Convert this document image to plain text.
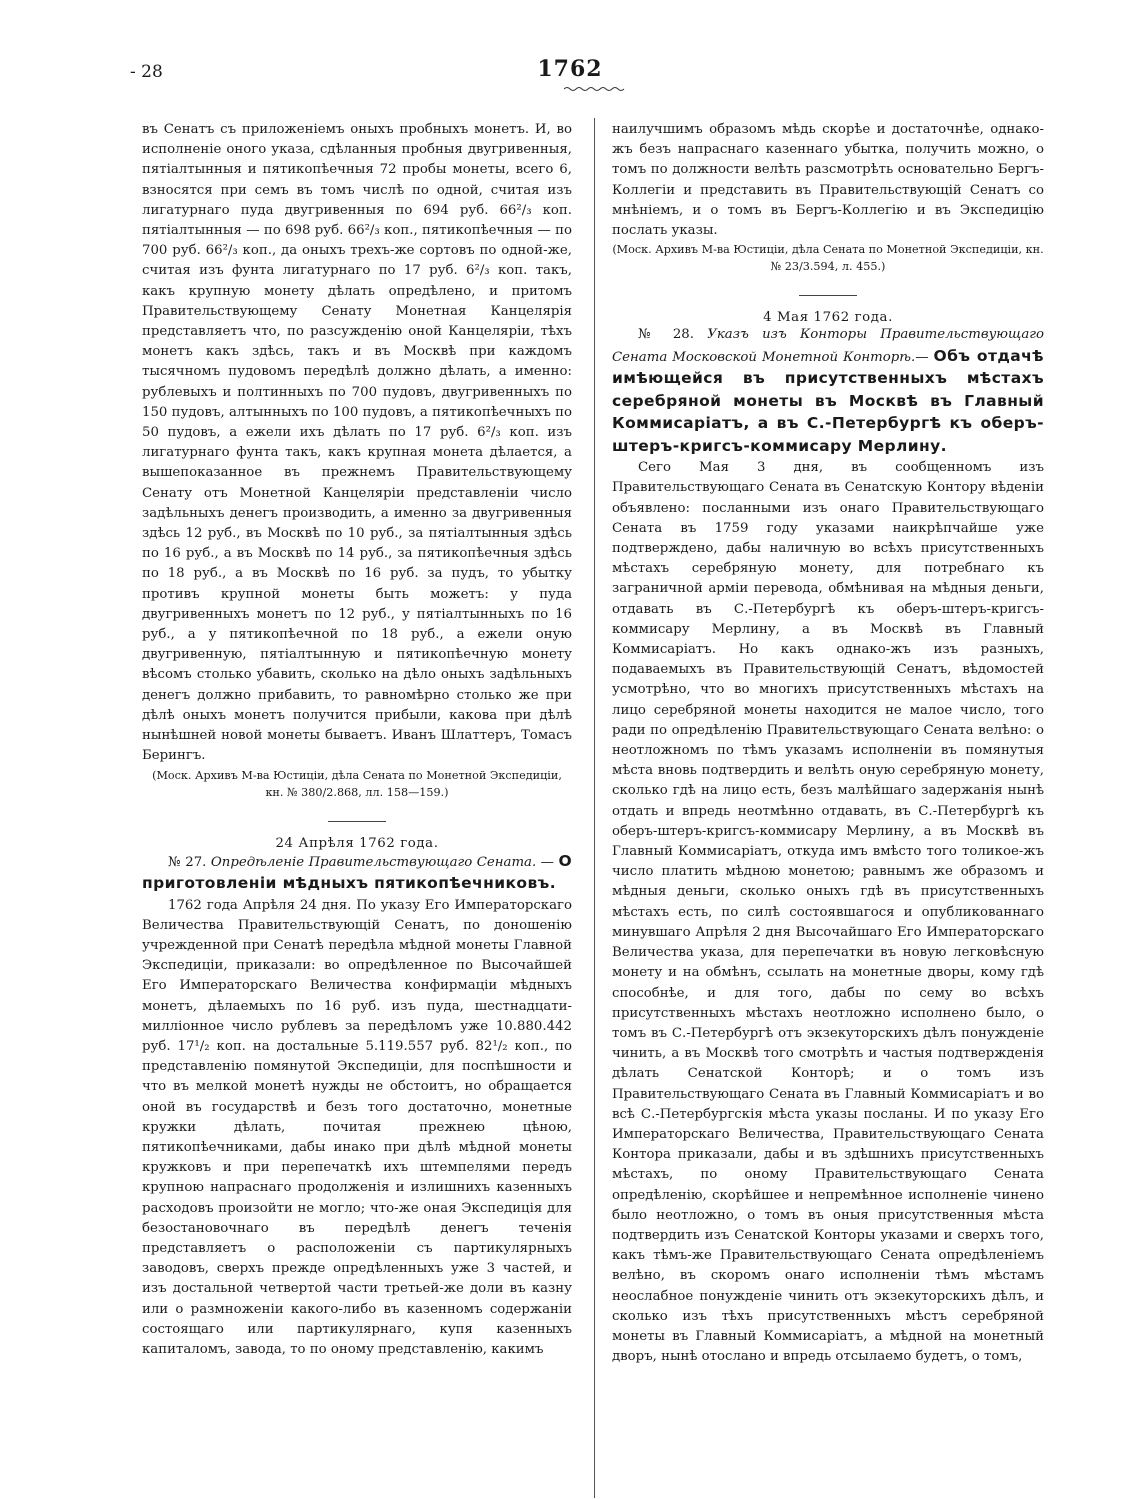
- 28	1762

въ Сенатъ съ приложеніемъ оныхъ пробныхъ монетъ. И, во исполненіе оного указа, сдѣланныя пробныя двугривенныя, пятіалтынныя и пятикопѣечныя 72 пробы монеты, всего 6, взносятся при семъ въ томъ числѣ по одной, считая изъ лигатурнаго пуда двугривенныя по 694 руб. 66²/₃ коп. пятіалтынныя — по 698 руб. 66²/₃ коп., пятикопѣечныя — по 700 руб. 66²/₃ коп., да оныхъ трехъ-же сортовъ по одной-же, считая изъ фунта лигатурнаго по 17 руб. 6²/₃ коп. такъ, какъ крупную монету дѣлать опредѣлено, и притомъ Правительствующему Сенату Монетная Канцелярія представляетъ что, по разсужденію оной Канцеляріи, тѣхъ монетъ какъ здѣсь, такъ и въ Москвѣ при каждомъ тысячномъ пудовомъ передѣлѣ должно дѣлать, а именно: рублевыхъ и полтинныхъ по 700 пудовъ, двугривенныхъ по 150 пудовъ, алтынныхъ по 100 пудовъ, а пятикопѣечныхъ по 50 пудовъ, а ежели ихъ дѣлать по 17 руб. 6²/₃ коп. изъ лигатурнаго фунта такъ, какъ крупная монета дѣлается, а вышепоказанное въ прежнемъ Правительствующему Сенату отъ Монетной Канцеляріи представленіи число задѣльныхъ денегъ производить, а именно за двугривенныя здѣсь 12 руб., въ Москвѣ по 10 руб., за пятіалтынныя здѣсь по 16 руб., а въ Москвѣ по 14 руб., за пятикопѣечныя здѣсь по 18 руб., а въ Москвѣ по 16 руб. за пудъ, то убытку противъ крупной монеты быть можетъ: у пуда двугривенныхъ монетъ по 12 руб., у пятіалтынныхъ по 16 руб., а у пятикопѣечной по 18 руб., а ежели оную двугривенную, пятіалтынную и пятикопѣечную монету вѣсомъ столько убавить, сколько на дѣло оныхъ задѣльныхъ денегъ должно прибавить, то равномѣрно столько же при дѣлѣ оныхъ монетъ получится прибыли, какова при дѣлѣ нынѣшней новой монеты бываетъ. Иванъ Шлаттеръ, Томасъ Берингъ.

(Моск. Архивъ М-ва Юстиціи, дѣла Сената по Монетной Экспедиціи, кн. № 380/2.868, лл. 158—159.)

24 Апрѣля 1762 года.

№ 27. Опредѣленіе Правительствующаго Сената. — О приготовленіи мѣдныхъ пятикопѣечниковъ.

1762 года Апрѣля 24 дня. По указу Его Императорскаго Величества Правительствующій Сенатъ, по доношенію учрежденной при Сенатѣ передѣла мѣдной монеты Главной Экспедиціи, приказали: во опредѣленное по Высочайшей Его Императорскаго Величества конфирмаціи мѣдныхъ монетъ, дѣлаемыхъ по 16 руб. изъ пуда, шестнадцати-милліонное число рублевъ за передѣломъ уже 10.880.442 руб. 17¹/₂ коп. на достальные 5.119.557 руб. 82¹/₂ коп., по представленію помянутой Экспедиціи, для поспѣшности и что въ мелкой монетѣ нужды не обстоитъ, но обращается оной въ государствѣ и безъ того достаточно, монетные кружки дѣлать, почитая прежнею цѣною, пятикопѣечниками, дабы инако при дѣлѣ мѣдной монеты кружковъ и при перепечаткѣ ихъ штемпелями передъ крупною напраснаго продолженія и излишнихъ казенныхъ расходовъ произойти не могло; что-же оная Экспедиція для безостановочнаго въ передѣлѣ денегъ теченія представляетъ о расположеніи съ партикулярныхъ заводовъ, сверхъ прежде опредѣленныхъ уже 3 частей, и изъ достальной четвертой части третьей-же доли въ казну или о размноженіи какого-либо въ казенномъ содержаніи состоящаго или партикулярнаго, купя казенныхъ капиталомъ, завода, то по оному представленію, какимъ

наилучшимъ образомъ мѣдь скорѣе и достаточнѣе, однако-жъ безъ напраснаго казеннаго убытка, получить можно, о томъ по должности велѣть разсмотрѣть основательно Бергъ-Коллегіи и представить въ Правительствующій Сенатъ со мнѣніемъ, и о томъ въ Бергъ-Коллегію и въ Экспедицію послать указы.

(Моск. Архивъ М-ва Юстиціи, дѣла Сената по Монетной Экспедиціи, кн. № 23/3.594, л. 455.)

4 Мая 1762 года.

№ 28. Указъ изъ Конторы Правительствующаго Сената Московской Монетной Конторѣ.— Объ отдачѣ имѣющейся въ присутственныхъ мѣстахъ серебряной монеты въ Москвѣ въ Главный Коммисаріатъ, а въ С.-Петербургѣ къ оберъ-штеръ-кригсъ-коммисару Мерлину.

Сего Мая 3 дня, въ сообщенномъ изъ Правительствующаго Сената въ Сенатскую Контору вѣденіи объявлено: посланными изъ онаго Правительствующаго Сената въ 1759 году указами наикрѣпчайше уже подтверждено, дабы наличную во всѣхъ присутственныхъ мѣстахъ серебряную монету, для потребнаго къ заграничной арміи перевода, обмѣнивая на мѣдныя деньги, отдавать въ С.-Петербургѣ къ оберъ-штеръ-кригсъ-коммисару Мерлину, а въ Москвѣ въ Главный Коммисаріатъ. Но какъ однако-жъ изъ разныхъ, подаваемыхъ въ Правительствующій Сенатъ, вѣдомостей усмотрѣно, что во многихъ присутственныхъ мѣстахъ на лицо серебряной монеты находится не малое число, того ради по опредѣленію Правительствующаго Сената велѣно: о неотложномъ по тѣмъ указамъ исполненіи въ помянутыя мѣста вновь подтвердить и велѣть оную серебряную монету, сколько гдѣ на лицо есть, безъ малѣйшаго задержанія нынѣ отдать и впредь неотмѣнно отдавать, въ С.-Петербургѣ къ оберъ-штеръ-кригсъ-коммисару Мерлину, а въ Москвѣ въ Главный Коммисаріатъ, откуда имъ вмѣсто того толикое-жъ число платить мѣдною монетою; равнымъ же образомъ и мѣдныя деньги, сколько оныхъ гдѣ въ присутственныхъ мѣстахъ есть, по силѣ состоявшагося и опубликованнаго минувшаго Апрѣля 2 дня Высочайшаго Его Императорскаго Величества указа, для перепечатки въ новую легковѣсную монету и на обмѣнъ, ссылать на монетные дворы, кому гдѣ способнѣе, и для того, дабы по сему во всѣхъ присутственныхъ мѣстахъ неотложно исполнено было, о томъ въ С.-Петербургѣ отъ экзекуторскихъ дѣлъ понужденіе чинить, а въ Москвѣ того смотрѣть и частыя подтвержденія дѣлать Сенатской Конторѣ; и о томъ изъ Правительствующаго Сената въ Главный Коммисаріатъ и во всѣ С.-Петербургскія мѣста указы посланы. И по указу Его Императорскаго Величества, Правительствующаго Сената Контора приказали, дабы и въ здѣшнихъ присутственныхъ мѣстахъ, по оному Правительствующаго Сената опредѣленію, скорѣйшее и непремѣнное исполненіе чинено было неотложно, о томъ въ оныя присутственныя мѣста подтвердить изъ Сенатской Конторы указами и сверхъ того, какъ тѣмъ-же Правительствующаго Сената опредѣленіемъ велѣно, въ скоромъ онаго исполненіи тѣмъ мѣстамъ неослабное понужденіе чинить отъ экзекуторскихъ дѣлъ, и сколько изъ тѣхъ присутственныхъ мѣстъ серебряной монеты въ Главный Коммисаріатъ, а мѣдной на монетный дворъ, нынѣ отослано и впредь отсылаемо будетъ, о томъ,
